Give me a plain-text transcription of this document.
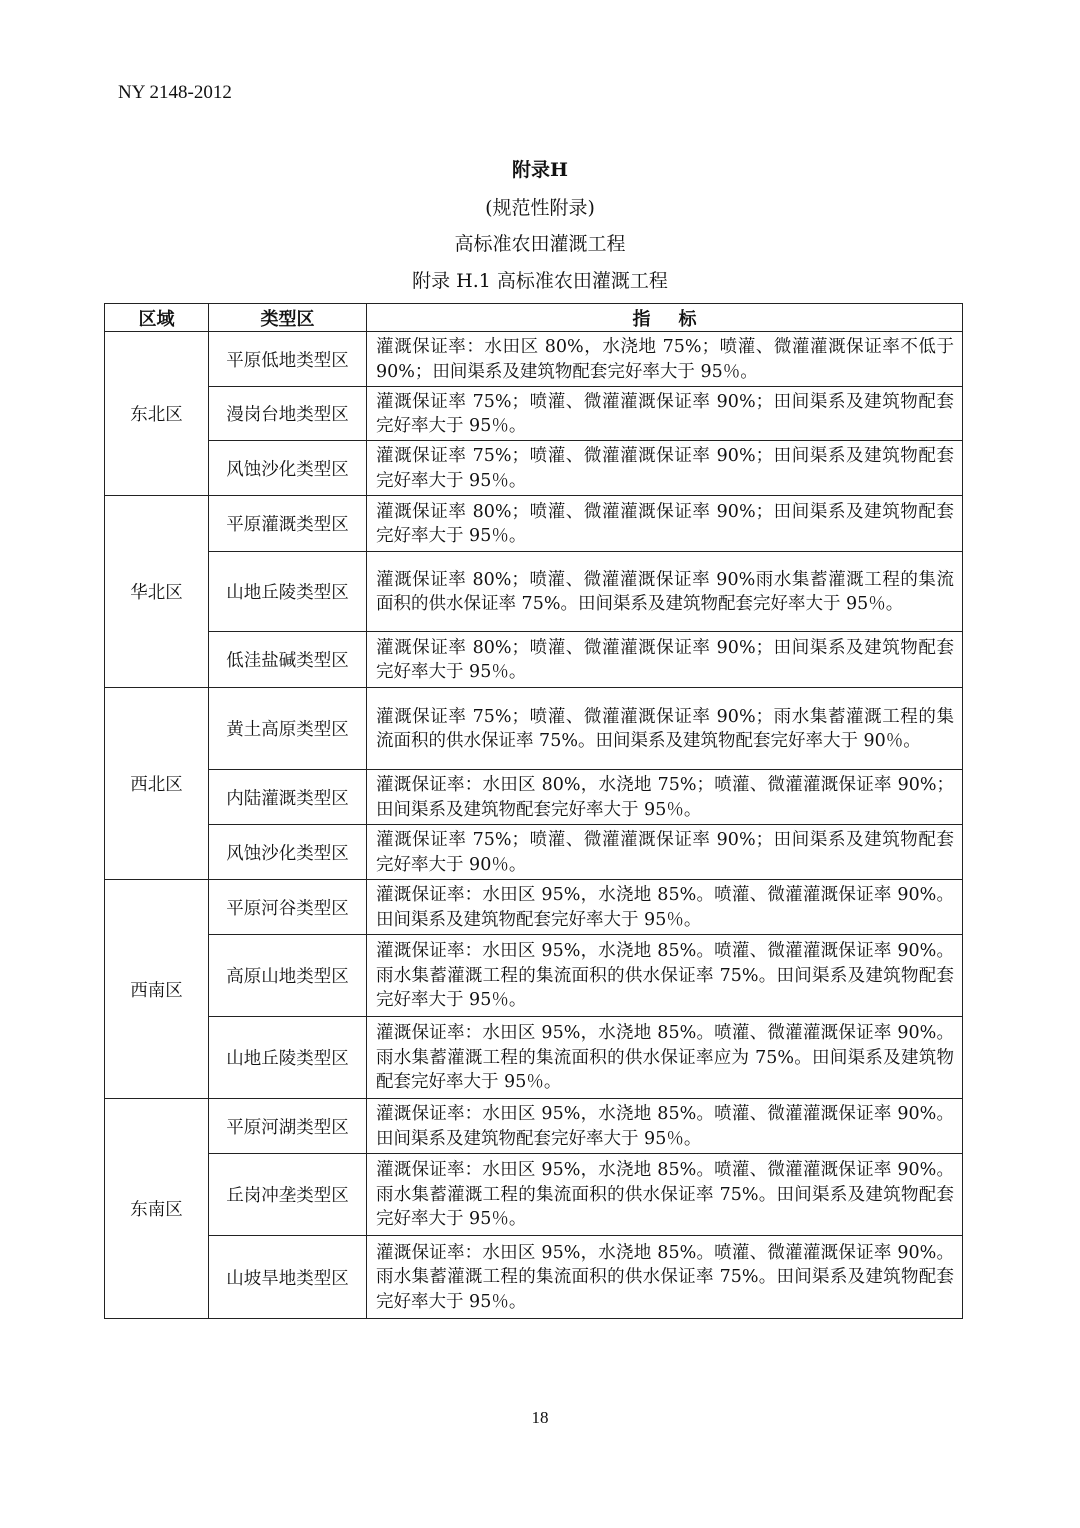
NY 2148-2012
附录H
(规范性附录)
高标准农田灌溉工程
附录 H.1 高标准农田灌溉工程
区域	类型区	指标
东北区	平原低地类型区	灌溉保证率：水田区 80%，水浇地 75%；喷灌、微灌灌溉保证率不低于 90%；田间渠系及建筑物配套完好率大于 95％。
	漫岗台地类型区	灌溉保证率 75%；喷灌、微灌灌溉保证率 90%；田间渠系及建筑物配套完好率大于 95％。
	风蚀沙化类型区	灌溉保证率 75%；喷灌、微灌灌溉保证率 90%；田间渠系及建筑物配套完好率大于 95％。
华北区	平原灌溉类型区	灌溉保证率 80%；喷灌、微灌灌溉保证率 90%；田间渠系及建筑物配套完好率大于 95％。
	山地丘陵类型区	灌溉保证率 80%；喷灌、微灌灌溉保证率 90%雨水集蓄灌溉工程的集流面积的供水保证率 75%。田间渠系及建筑物配套完好率大于 95％。
	低洼盐碱类型区	灌溉保证率 80%；喷灌、微灌灌溉保证率 90%；田间渠系及建筑物配套完好率大于 95％。
西北区	黄土高原类型区	灌溉保证率 75%；喷灌、微灌灌溉保证率 90%；雨水集蓄灌溉工程的集流面积的供水保证率 75%。田间渠系及建筑物配套完好率大于 90％。
	内陆灌溉类型区	灌溉保证率：水田区 80%，水浇地 75%；喷灌、微灌灌溉保证率 90%；田间渠系及建筑物配套完好率大于 95％。
	风蚀沙化类型区	灌溉保证率 75%；喷灌、微灌灌溉保证率 90%；田间渠系及建筑物配套完好率大于 90％。
西南区	平原河谷类型区	灌溉保证率：水田区 95%，水浇地 85%。喷灌、微灌灌溉保证率 90%。田间渠系及建筑物配套完好率大于 95％。
	高原山地类型区	灌溉保证率：水田区 95%，水浇地 85%。喷灌、微灌灌溉保证率 90%。雨水集蓄灌溉工程的集流面积的供水保证率 75%。田间渠系及建筑物配套完好率大于 95％。
	山地丘陵类型区	灌溉保证率：水田区 95%，水浇地 85%。喷灌、微灌灌溉保证率 90%。雨水集蓄灌溉工程的集流面积的供水保证率应为 75%。田间渠系及建筑物配套完好率大于 95％。
东南区	平原河湖类型区	灌溉保证率：水田区 95%，水浇地 85%。喷灌、微灌灌溉保证率 90%。田间渠系及建筑物配套完好率大于 95％。
	丘岗冲垄类型区	灌溉保证率：水田区 95%，水浇地 85%。喷灌、微灌灌溉保证率 90%。雨水集蓄灌溉工程的集流面积的供水保证率 75%。田间渠系及建筑物配套完好率大于 95％。
	山坡旱地类型区	灌溉保证率：水田区 95%，水浇地 85%。喷灌、微灌灌溉保证率 90%。雨水集蓄灌溉工程的集流面积的供水保证率 75%。田间渠系及建筑物配套完好率大于 95％。
18
